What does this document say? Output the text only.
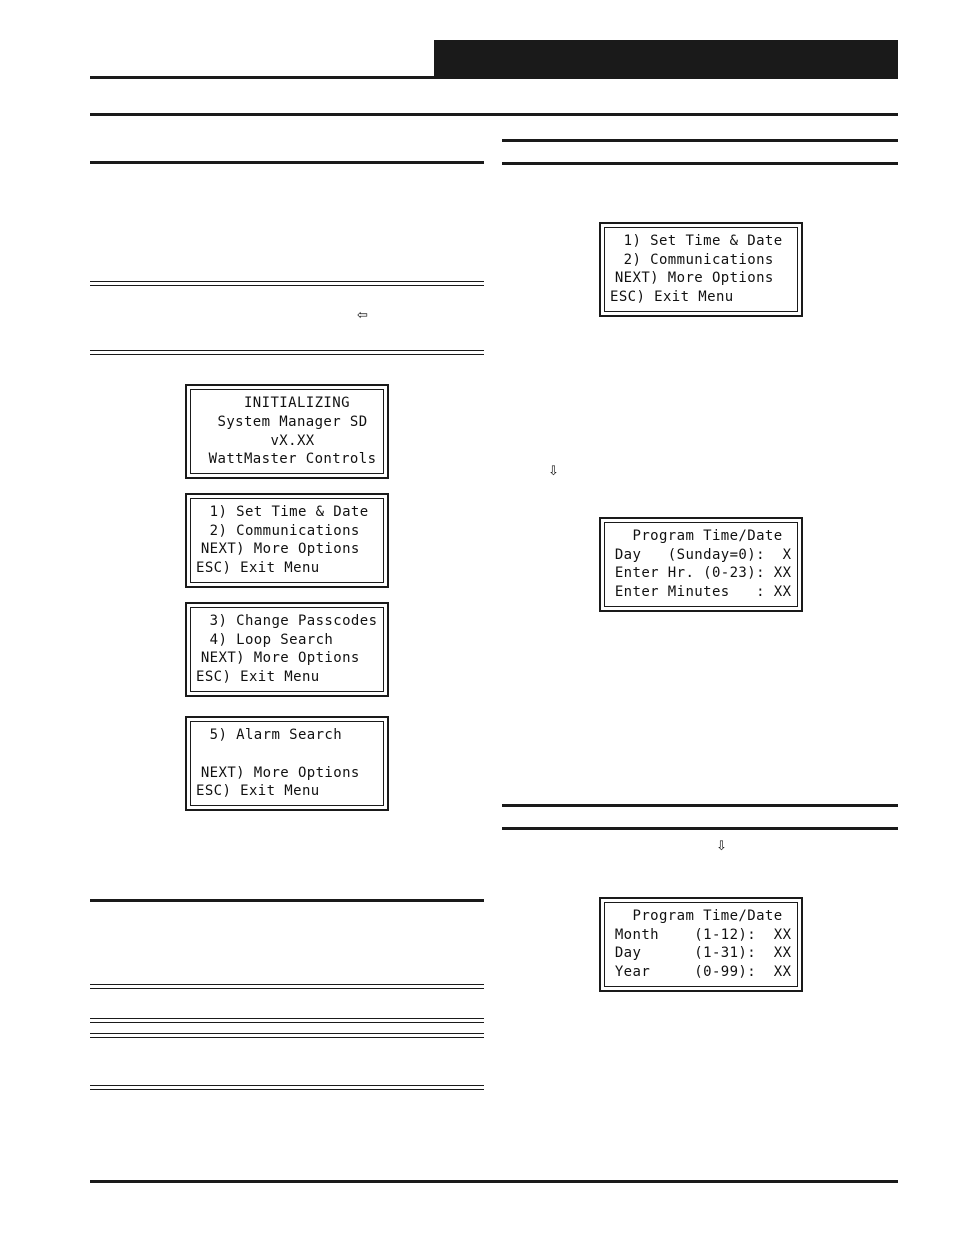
⇦
⇩
⇩
INITIALIZING
System Manager SD
vX.XX
WattMaster Controls
1) Set Time & Date
2) Communications
NEXT) More Options
ESC) Exit Menu
3) Change Passcodes
4) Loop Search
NEXT) More Options
ESC) Exit Menu
5) Alarm Search
NEXT) More Options
ESC) Exit Menu
1) Set Time & Date
2) Communications
NEXT) More Options
ESC) Exit Menu
Program Time/Date
Day   (Sunday=0):  X
Enter Hr. (0-23): XX
Enter Minutes   : XX
Program Time/Date
Month    (1-12):  XX
Day      (1-31):  XX
Year     (0-99):  XX
